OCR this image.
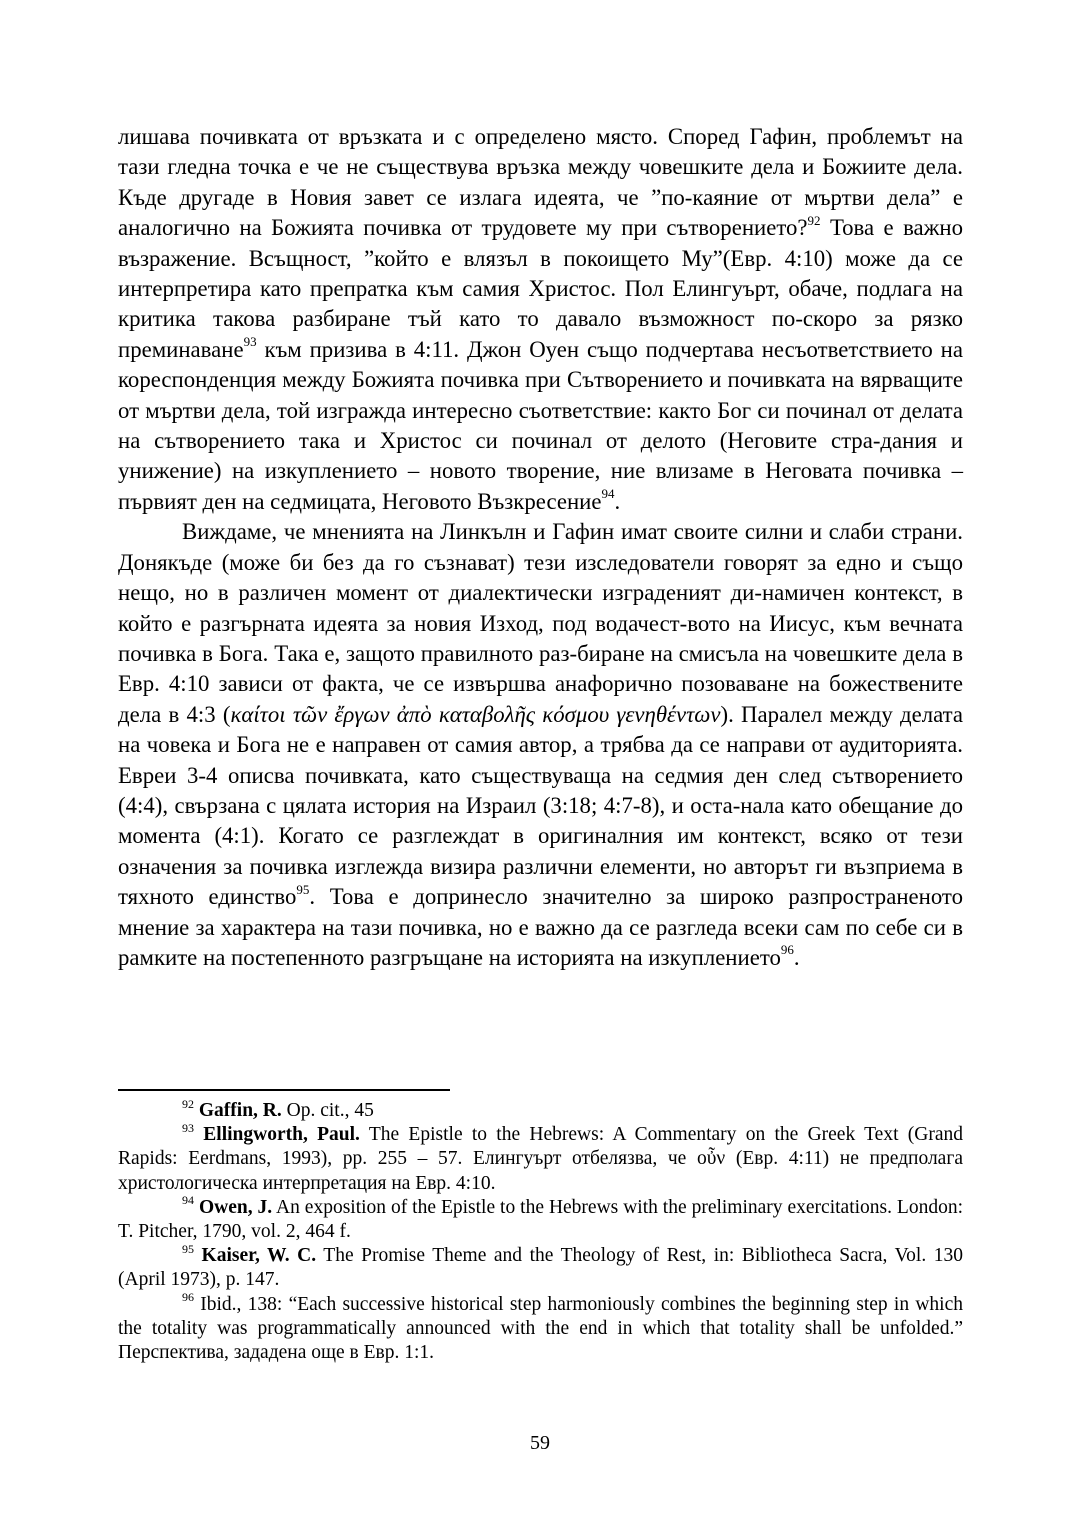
лишава почивката от връзката и с определено място. Според Гафин, проблемът на тази гледна точка е че не съществува връзка между човешките дела и Божиите дела. Къде другаде в Новия завет се излага идеята, че ”по-каяние от мъртви дела” е аналогично на Божията почивка от трудовете му при сътворението?$^{92}$ Това е важно възражение. Всъщност, ”който е влязъл в покоището Му”(Евр. 4:10) може да се интерпретира като препратка към самия Христос. Пол Елингуърт, обаче, подлага на критика такова разбиране тъй като то давало възможност по-скоро за рязко преминаване$^{93}$ към призива в 4:11. Джон Оуен също подчертава несъответствието на кореспонденция между Божията почивка при Сътворението и почивката на вярващите от мъртви дела, той изгражда интересно съответствие: както Бог си починал от делата на сътворението така и Христос си починал от делото (Неговите стра-дания и унижение) на изкуплението – новото творение, ние влизаме в Неговата почивка – първият ден на седмицата, Неговото Възкресение$^{94}$.

Виждаме, че мненията на Линкълн и Гафин имат своите силни и слаби страни. Донякъде (може би без да го съзнават) тези изследователи говорят за едно и също нещо, но в различен момент от диалектически изграденият ди-намичен контекст, в който е разгърната идеята за новия Изход, под водачест-вото на Иисус, към вечната почивка в Бога. Така е, защото правилното раз-биране на смисъла на човешките дела в Евр. 4:10 зависи от факта, че се извършва анафорично позоваване на божествените дела в 4:3 (καίτοι τῶν ἔργων ἀπὸ καταβολῆς κόσμου γενηθέντων). Паралел между делата на човека и Бога не е направен от самия автор, а трябва да се направи от аудиторията. Евреи 3-4 описва почивката, като съществуваща на седмия ден след сътворението (4:4), свързана с цялата история на Израил (3:18; 4:7-8), и оста-нала като обещание до момента (4:1). Когато се разглеждат в оригиналния им контекст, всяко от тези означения за почивка изглежда визира различни елементи, но авторът ги възприема в тяхното единство$^{95}$. Това е допринесло значително за широко разпространеното мнение за характера на тази почивка, но е важно да се разгледа всеки сам по себе си в рамките на постепенното разгръщане на историята на изкуплението$^{96}$.

$^{92}$ Gaffin, R. Op. cit., 45

$^{93}$ Ellingworth, Paul. The Epistle to the Hebrews: A Commentary on the Greek Text (Grand Rapids: Eerdmans, 1993), pp. 255 – 57. Елингуърт отбелязва, че οὖν (Евр. 4:11) не предполага христологическа интерпретация на Евр. 4:10.

$^{94}$ Owen, J. An exposition of the Epistle to the Hebrews with the preliminary exercitations. London: T. Pitcher, 1790, vol. 2, 464 f.

$^{95}$ Kaiser, W. C. The Promise Theme and the Theology of Rest, in: Bibliotheca Sacra, Vol. 130 (April 1973), p. 147.

$^{96}$ Ibid., 138: “Each successive historical step harmoniously combines the beginning step in which the totality was programmatically announced with the end in which that totality shall be unfolded.” Перспектива, зададена още в Евр. 1:1.

59
